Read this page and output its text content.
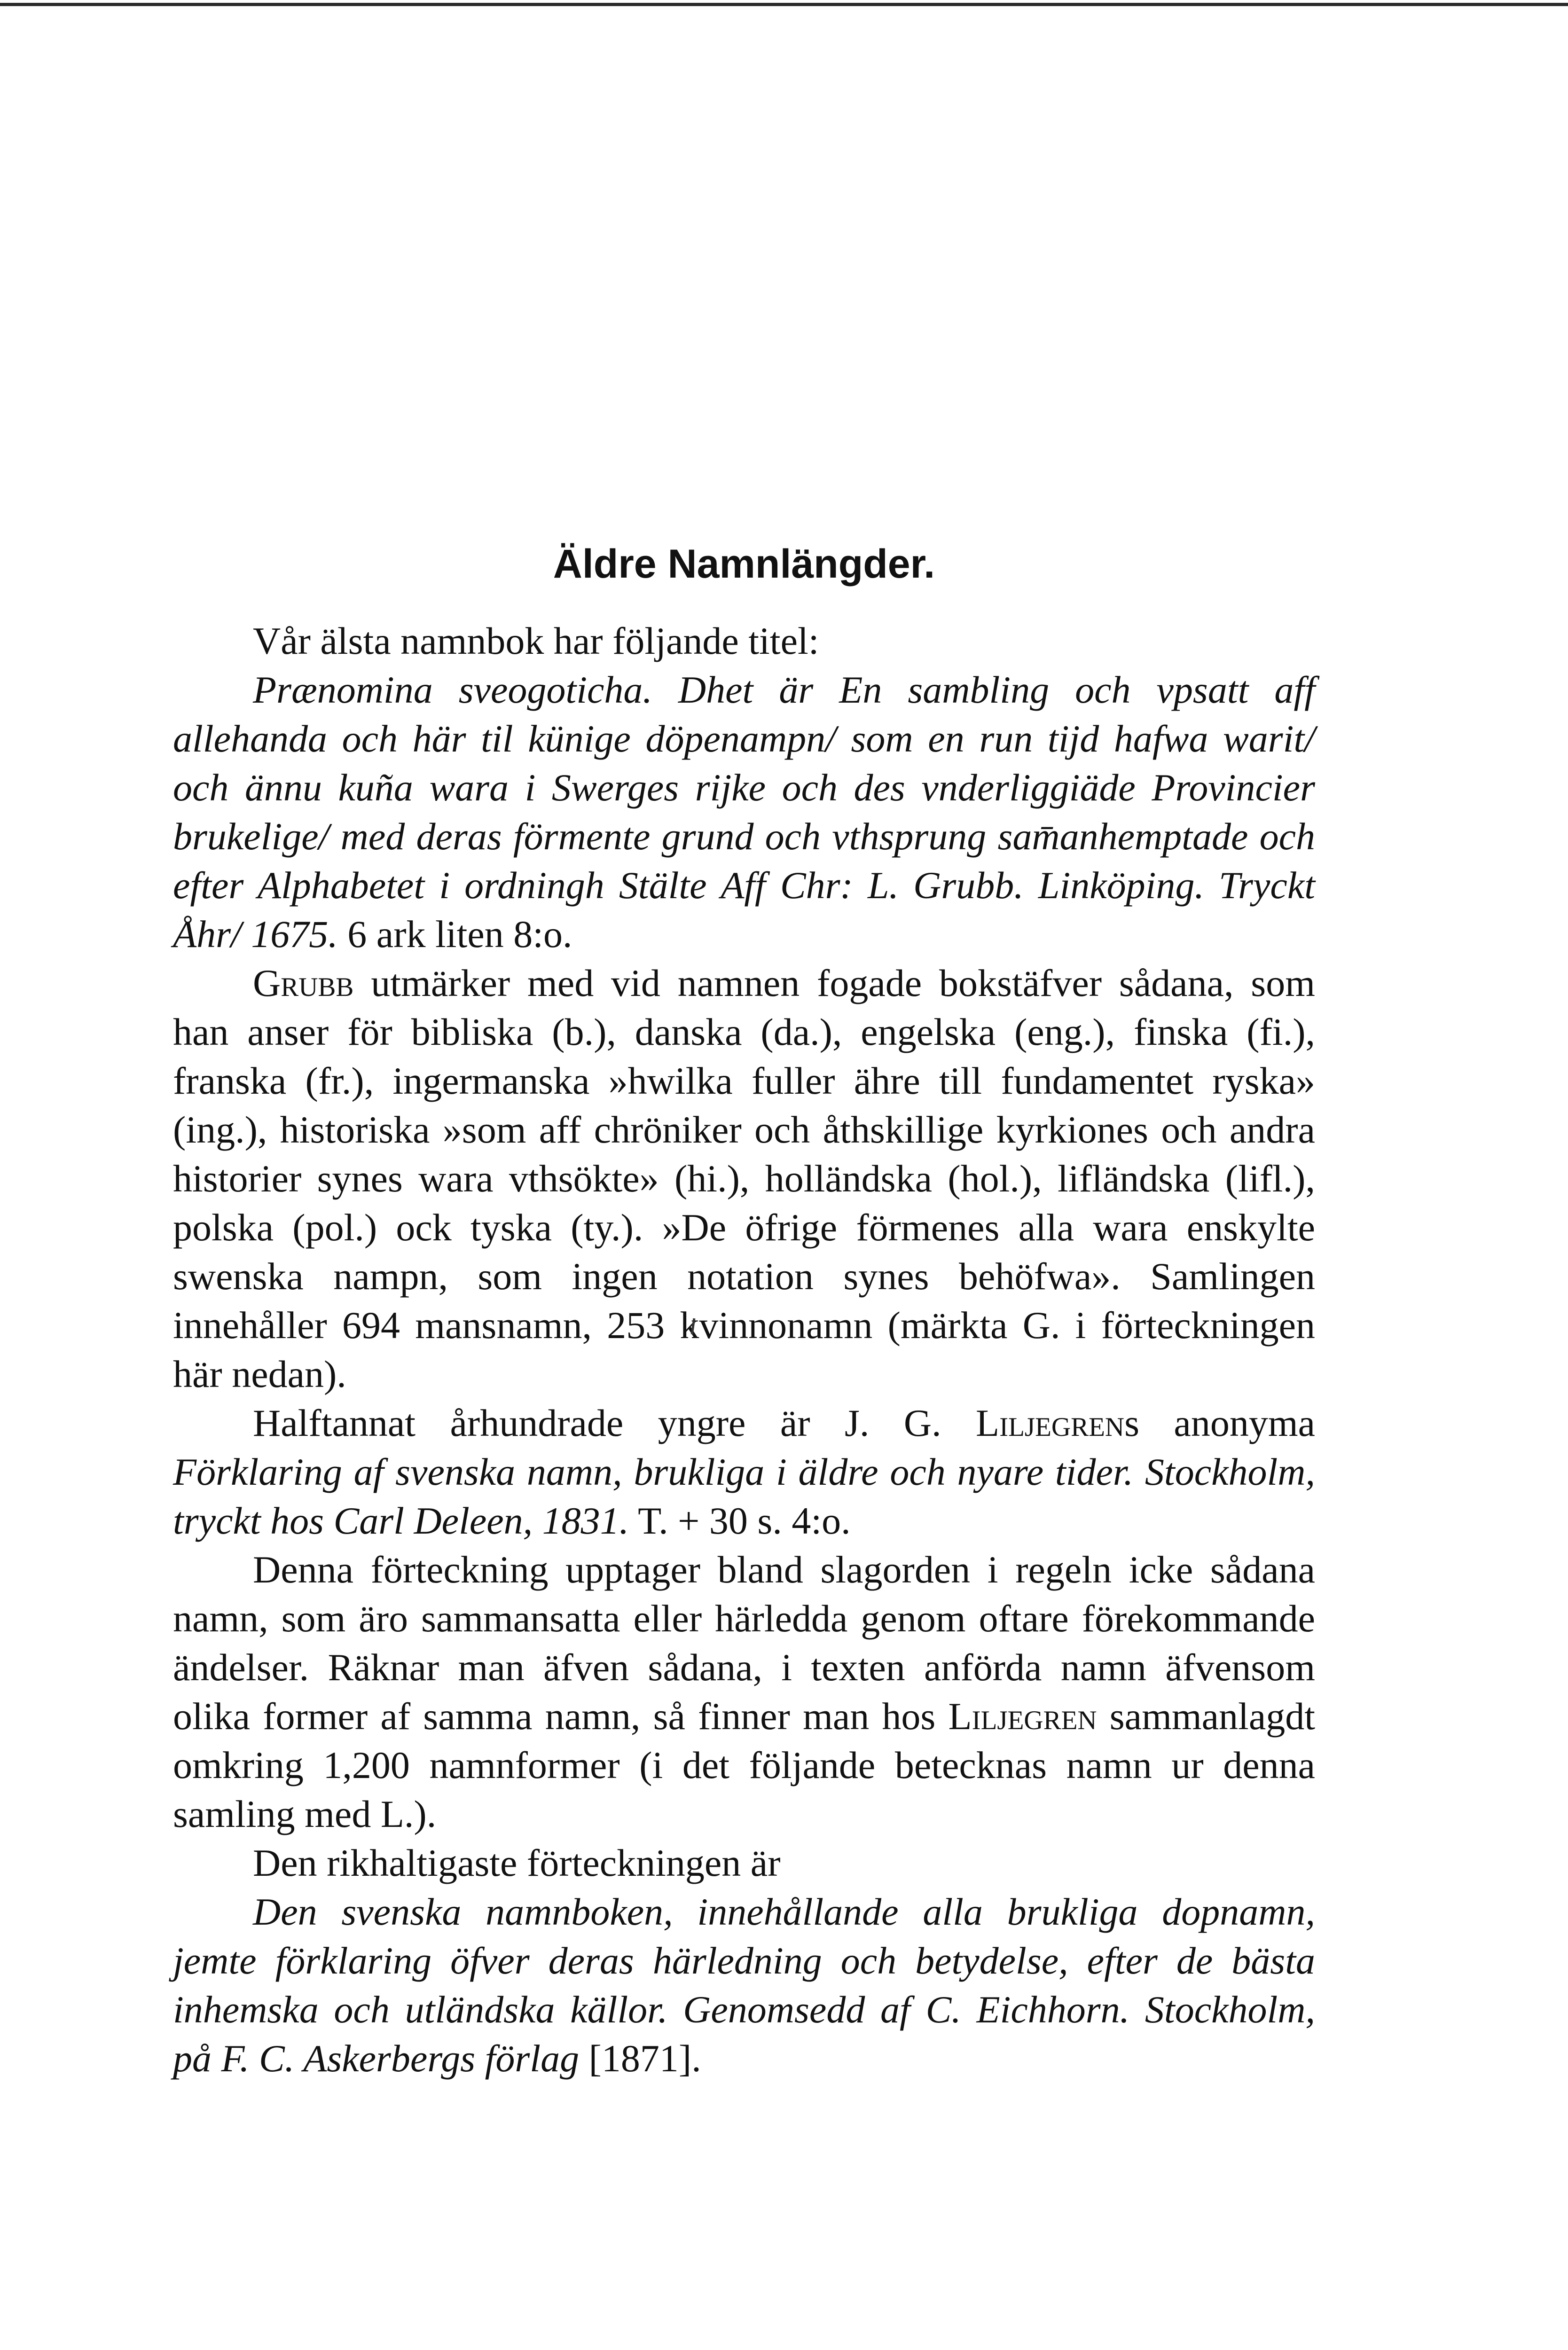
Äldre Namnlängder.

Vår älsta namnbok har följande titel:

Prænomina sveogoticha. Dhet är En sambling och vpsatt aff allehanda och här til künige döpenampn/ som en run tijd hafwa warit/ och ännu kuña wara i Swerges rijke och des vnderliggiäde Provincier brukelige/ med deras förmente grund och vthsprung sam̄anhemptade och efter Alphabetet i ordningh Stälte Aff Chr: L. Grubb. Linköping. Tryckt Åhr/ 1675. 6 ark liten 8:o.

Grubb utmärker med vid namnen fogade bokstäfver sådana, som han anser för bibliska (b.), danska (da.), engelska (eng.), finska (fi.), franska (fr.), ingermanska »hwilka fuller ähre till fundamentet ryska» (ing.), historiska »som aff chröniker och åthskillige kyrkiones och andra historier synes wara vthsökte» (hi.), holländska (hol.), lifländska (lifl.), polska (pol.) ock tyska (ty.). »De öfrige förmenes alla wara enskylte swenska nampn, som ingen notation synes behöfwa». Samlingen innehåller 694 mansnamn, 253 kvinnonamn (märkta G. i förteckningen här nedan).

Halftannat århundrade yngre är J. G. Liljegrens anonyma Förklaring af svenska namn, brukliga i äldre och nyare tider. Stockholm, tryckt hos Carl Deleen, 1831. T. + 30 s. 4:o.

Denna förteckning upptager bland slagorden i regeln icke sådana namn, som äro sammansatta eller härledda genom oftare förekommande ändelser. Räknar man äfven sådana, i texten anförda namn äfvensom olika former af samma namn, så finner man hos Liljegren sammanlagdt omkring 1,200 namnformer (i det följande betecknas namn ur denna samling med L.).

Den rikhaltigaste förteckningen är

Den svenska namnboken, innehållande alla brukliga dopnamn, jemte förklaring öfver deras härledning och betydelse, efter de bästa inhemska och utländska källor. Genomsedd af C. Eichhorn. Stockholm, på F. C. Askerbergs förlag [1871].
